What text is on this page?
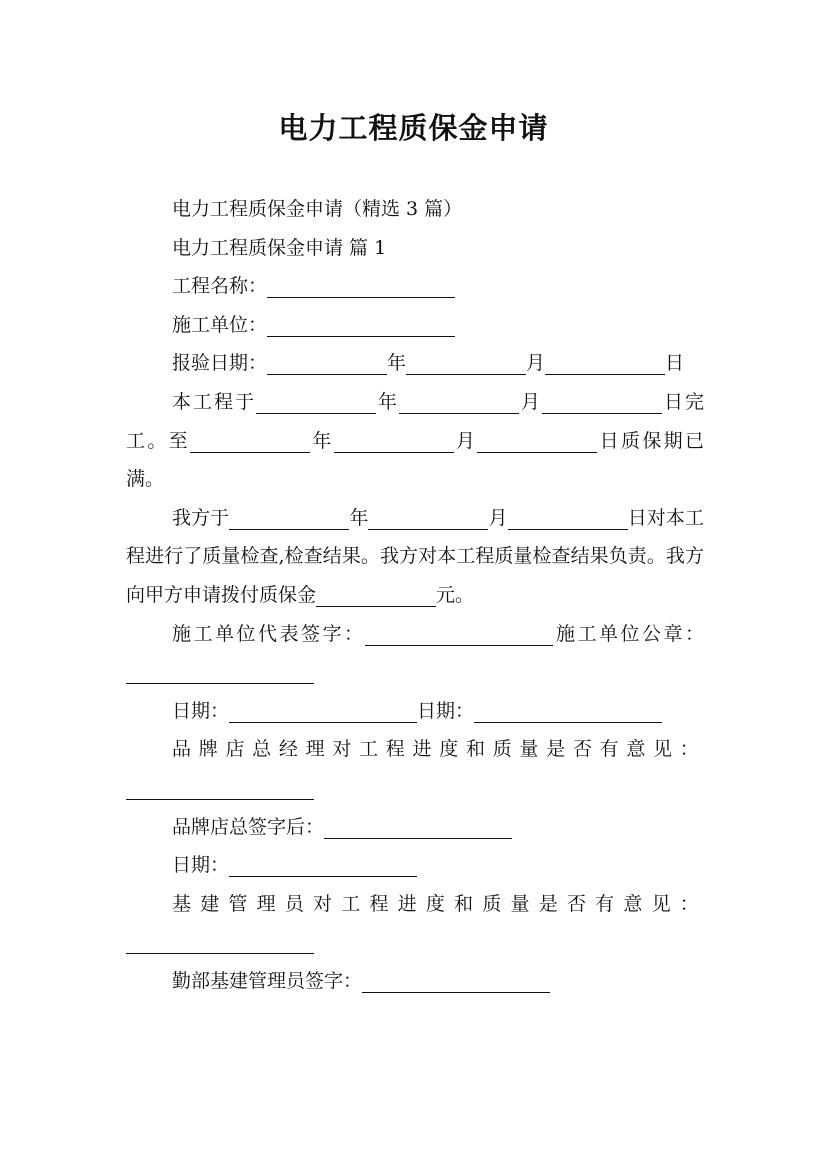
电力工程质保金申请

电力工程质保金申请（精选 3 篇）

电力工程质保金申请 篇 1

工程名称：

施工单位：

报验日期：	年	月	日

本工程于	年	月	日完工。至	年	月	日质保期已满。

我方于	年	月	日对本工程进行了质量检查,检查结果。我方对本工程质量检查结果负责。我方向甲方申请拨付质保金	元。

施工单位代表签字：	施工单位公章：

日期：	日期：

品牌店总经理对工程进度和质量是否有意见：

品牌店总签字后：

日期：

基建管理员对工程进度和质量是否有意见：

勤部基建管理员签字：
